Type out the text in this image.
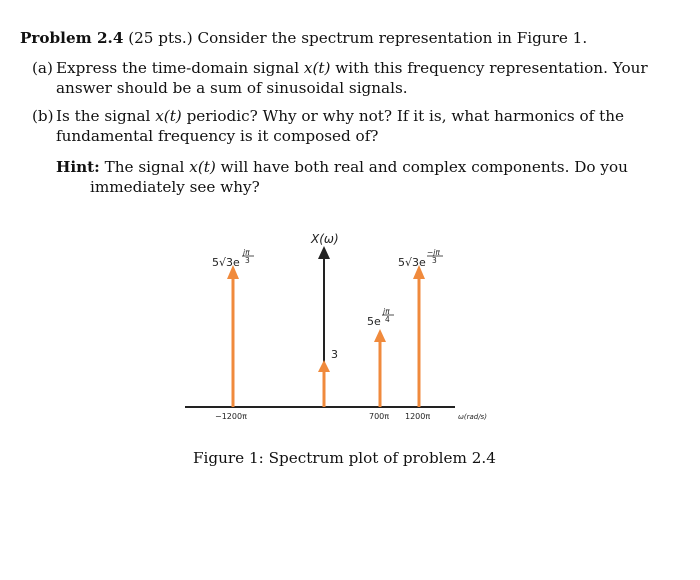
Problem 2.4 (25 pts.) Consider the spectrum representation in Figure 1.

(a) Express the time-domain signal x(t) with this frequency representation. Your answer should be a sum of sinusoidal signals.
(b) Is the signal x(t) periodic? Why or why not? If it is, what harmonics of the fundamental frequency is it composed of?
Hint: The signal x(t) will have both real and complex components. Do you immediately see why?
X(ω)
5√3e
jπ
3
3
5e
jπ
4
5√3e
−jπ
3
−1200π	700π 1200π	ω(rad/s)
Figure 1: Spectrum plot of problem 2.4
